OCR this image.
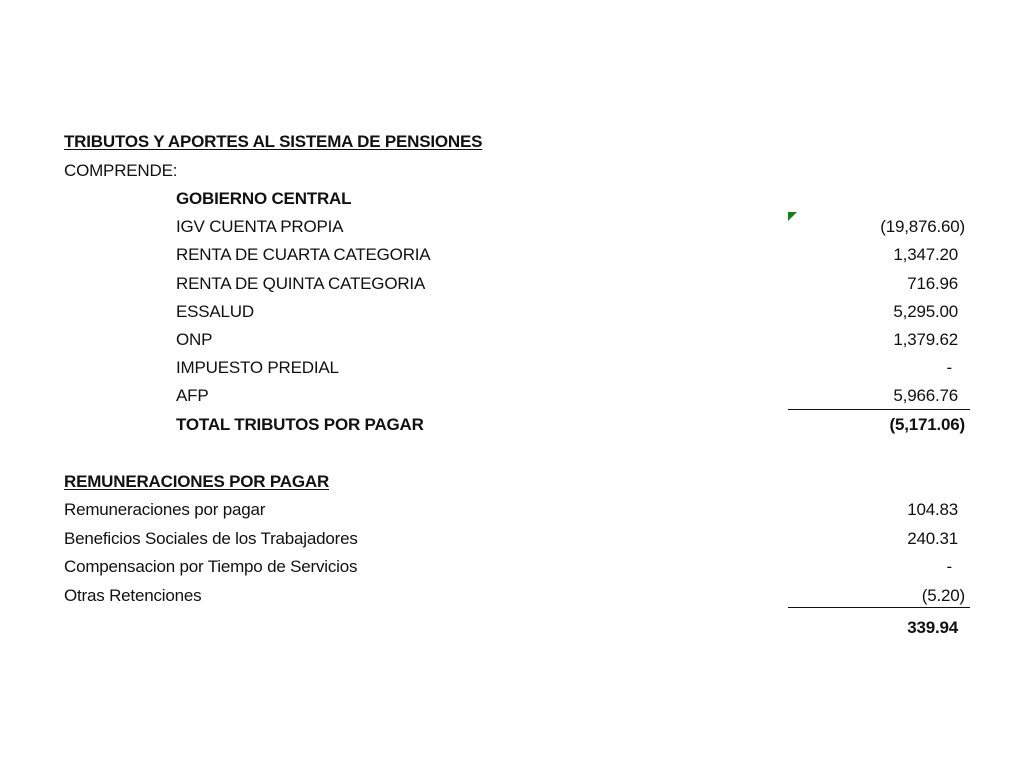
TRIBUTOS Y APORTES AL SISTEMA DE PENSIONES
COMPRENDE:
GOBIERNO CENTRAL
IGV CUENTA PROPIA	(19,876.60)
RENTA DE CUARTA CATEGORIA	1,347.20
RENTA DE QUINTA CATEGORIA	716.96
ESSALUD	5,295.00
ONP	1,379.62
IMPUESTO PREDIAL	-
AFP	5,966.76
TOTAL TRIBUTOS POR PAGAR	(5,171.06)
REMUNERACIONES POR PAGAR
Remuneraciones por pagar	104.83
Beneficios Sociales de los Trabajadores	240.31
Compensacion por Tiempo de Servicios	-
Otras Retenciones	(5.20)
339.94
